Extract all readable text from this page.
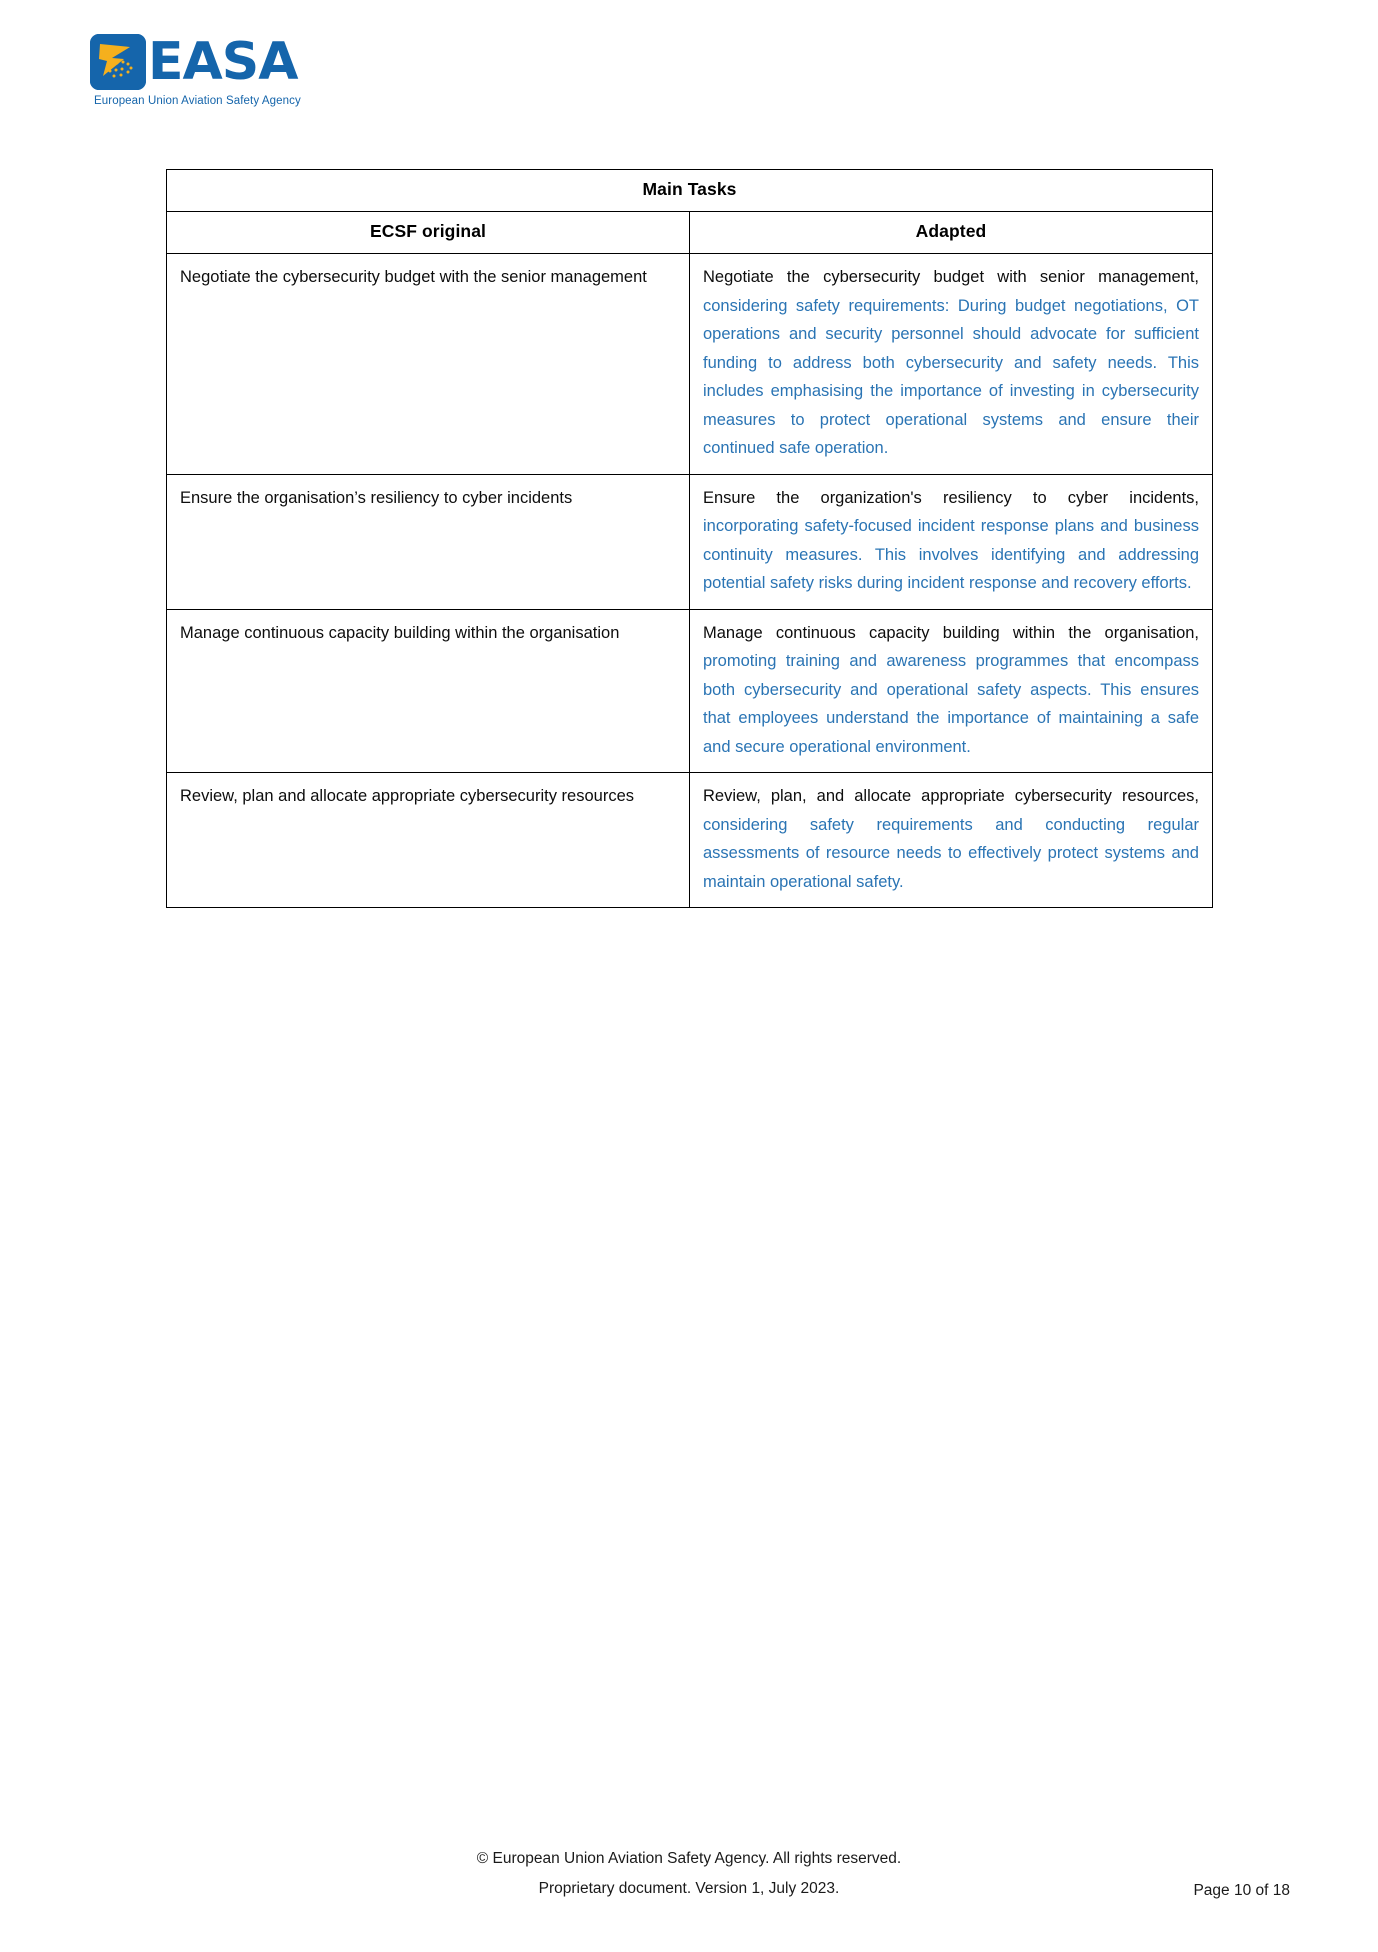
EASA
European Union Aviation Safety Agency
Main Tasks	
ECSF original	Adapted
Negotiate the cybersecurity budget with the senior management	Negotiate the cybersecurity budget with senior management, considering safety requirements: During budget negotiations, OT operations and security personnel should advocate for sufficient funding to address both cybersecurity and safety needs. This includes emphasising the importance of investing in cybersecurity measures to protect operational systems and ensure their continued safe operation.
Ensure the organisation’s resiliency to cyber incidents	Ensure the organization's resiliency to cyber incidents, incorporating safety-focused incident response plans and business continuity measures. This involves identifying and addressing potential safety risks during incident response and recovery efforts.
Manage continuous capacity building within the organisation	Manage continuous capacity building within the organisation, promoting training and awareness programmes that encompass both cybersecurity and operational safety aspects. This ensures that employees understand the importance of maintaining a safe and secure operational environment.
Review, plan and allocate appropriate cybersecurity resources	Review, plan, and allocate appropriate cybersecurity resources, considering safety requirements and conducting regular assessments of resource needs to effectively protect systems and maintain operational safety.
© European Union Aviation Safety Agency. All rights reserved.
Proprietary document. Version 1, July 2023.	Page 10 of 18
